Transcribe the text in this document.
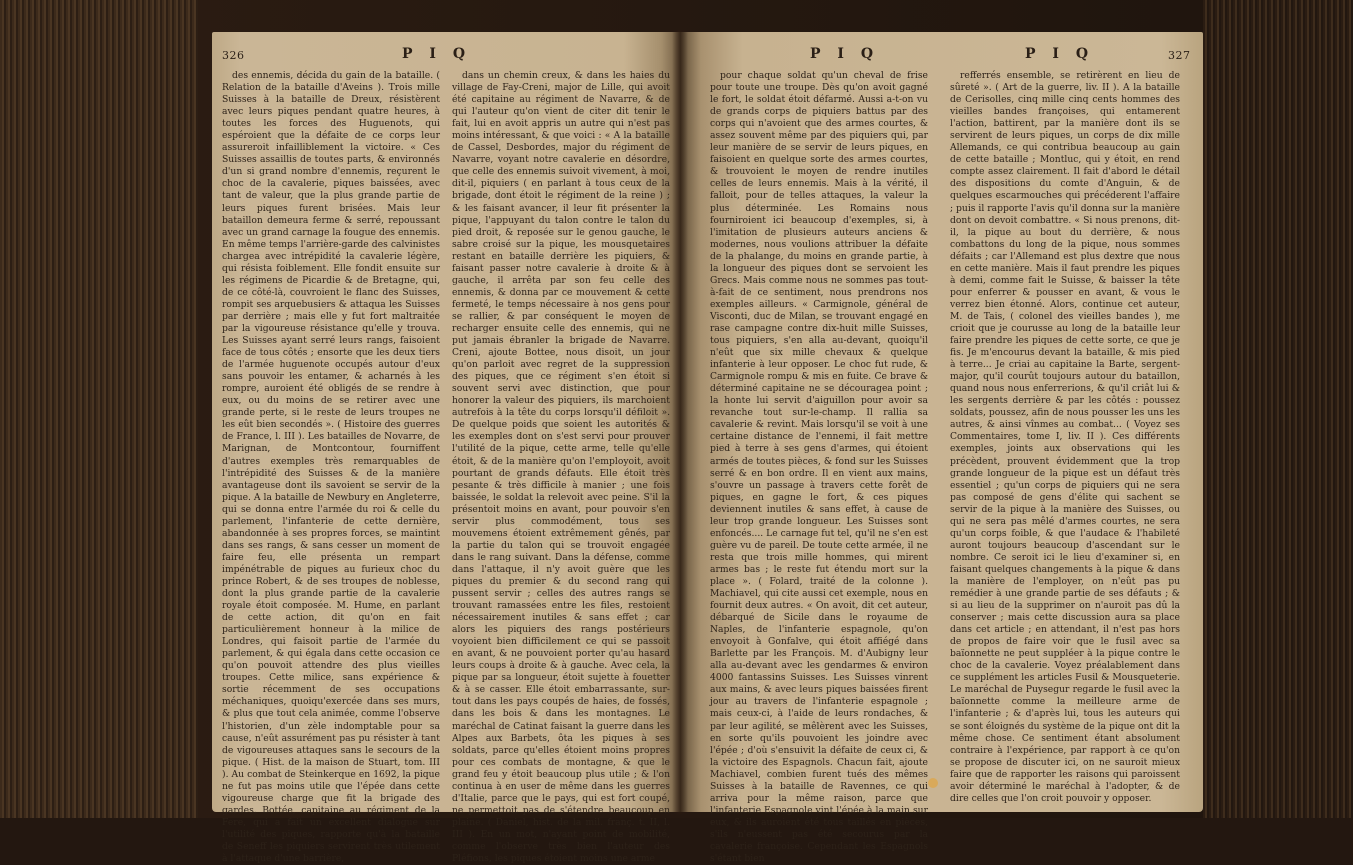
326	P I Q

des ennemis, décida du gain de la bataille. ( Relation de la bataille d'Aveins ). Trois mille Suisses à la bataille de Dreux, résistèrent avec leurs piques pendant quatre heures, à toutes les forces des Huguenots, qui espéroient que la défaite de ce corps leur assureroit infailliblement la victoire. « Ces Suisses assaillis de toutes parts, & environnés d'un si grand nombre d'ennemis, reçurent le choc de la cavalerie, piques baissées, avec tant de valeur, que la plus grande partie de leurs piques furent brisées. Mais leur bataillon demeura ferme & serré, repoussant avec un grand carnage la fougue des ennemis. En même temps l'arrière-garde des calvinistes chargea avec intrépidité la cavalerie légère, qui résista foiblement. Elle fondit ensuite sur les régimens de Picardie & de Bretagne, qui, de ce côté-là, couvroient le flanc des Suisses, rompit ses arquebusiers & attaqua les Suisses par derrière ; mais elle y fut fort maltraitée par la vigoureuse résistance qu'elle y trouva. Les Suisses ayant serré leurs rangs, faisoient face de tous côtés ; ensorte que les deux tiers de l'armée huguenote occupés autour d'eux sans pouvoir les entamer, & acharnés à les rompre, auroient été obligés de se rendre à eux, ou du moins de se retirer avec une grande perte, si le reste de leurs troupes ne les eût bien secondés ». ( Histoire des guerres de France, l. III ). Les batailles de Novarre, de Marignan, de Montcontour, fourniffent d'autres exemples très remarquables de l'intrépidité des Suisses & de la manière avantageuse dont ils savoient se servir de la pique. A la bataille de Newbury en Angleterre, qui se donna entre l'armée du roi & celle du parlement, l'infanterie de cette dernière, abandonnée à ses propres forces, se maintint dans ses rangs, & sans cesser un moment de faire feu, elle présenta un rempart impénétrable de piques au furieux choc du prince Robert, & de ses troupes de noblesse, dont la plus grande partie de la cavalerie royale étoit composée. M. Hume, en parlant de cette action, dit qu'on en fait particulièrement honneur à la milice de Londres, qui faisoit partie de l'armée du parlement, & qui égala dans cette occasion ce qu'on pouvoit attendre des plus vieilles troupes. Cette milice, sans expérience & sortie récemment de ses occupations méchaniques, quoiqu'exercée dans ses murs, & plus que tout cela animée, comme l'observe l'historien, d'un zèle indomptable pour sa cause, n'eût assurément pas pu résister à tant de vigoureuses attaques sans le secours de la pique. ( Hist. de la maison de Stuart, tom. III ). Au combat de Steinkerque en 1692, la pique ne fut pas moins utile que l'épée dans cette vigoureuse charge que fit la brigade des gardes. Bottée, capitaine au régiment de la Fere, qui a fait un excellent dialogue sur l'utilité des piques, rapporte qu'à la bataille de Seneff les piquiers servirent très utilement à l'attaque d'une barrière,

dans un chemin creux, & dans les haies du village de Fay-Creni, major de Lille, qui avoit été capitaine au régiment de Navarre, & de qui l'auteur qu'on vient de citer dit tenir le fait, lui en avoit appris un autre qui n'est pas moins intéressant, & que voici : « A la bataille de Cassel, Desbordes, major du régiment de Navarre, voyant notre cavalerie en désordre, que celle des ennemis suivoit vivement, à moi, dit-il, piquiers ( en parlant à tous ceux de la brigade, dont étoit le régiment de la reine ) ; & les faisant avancer, il leur fit présenter la pique, l'appuyant du talon contre le talon du pied droit, & reposée sur le genou gauche, le sabre croisé sur la pique, les mousquetaires restant en bataille derrière les piquiers, & faisant passer notre cavalerie à droite & à gauche, il arrêta par son feu celle des ennemis, & donna par ce mouvement & cette fermeté, le temps nécessaire à nos gens pour se rallier, & par conséquent le moyen de recharger ensuite celle des ennemis, qui ne put jamais ébranler la brigade de Navarre. Creni, ajoute Bottee, nous disoit, un jour qu'on parloit avec regret de la suppression des piques, que ce régiment s'en étoit si souvent servi avec distinction, que pour honorer la valeur des piquiers, ils marchoient autrefois à la tête du corps lorsqu'il défiloit ». De quelque poids que soient les autorités & les exemples dont on s'est servi pour prouver l'utilité de la pique, cette arme, telle qu'elle étoit, & de la manière qu'on l'employoit, avoit pourtant de grands défauts. Elle étoit très pesante & très difficile à manier ; une fois baissée, le soldat la relevoit avec peine. S'il la présentoit moins en avant, pour pouvoir s'en servir plus commodément, tous ses mouvemens étoient extrêmement gênés, par la partie du talon qui se trouvoit engagée dans le rang suivant. Dans la défense, comme dans l'attaque, il n'y avoit guère que les piques du premier & du second rang qui pussent servir ; celles des autres rangs se trouvant ramassées entre les files, restoient nécessairement inutiles & sans effet ; car alors les piquiers des rangs postérieurs voyoient bien difficilement ce qui se passoit en avant, & ne pouvoient porter qu'au hasard leurs coups à droite & à gauche. Avec cela, la pique par sa longueur, étoit sujette à fouetter & à se casser. Elle étoit embarrassante, sur-tout dans les pays coupés de haies, de fossés, dans les bois & dans les montagnes. Le maréchal de Catinat faisant la guerre dans les Alpes aux Barbets, ôta les piques à ses soldats, parce qu'elles étoient moins propres pour ces combats de montagne, & que le grand feu y étoit beaucoup plus utile ; & l'on continua à en user de même dans les guerres d'Italie, parce que le pays, qui est fort coupé, ne permettoit pas de s'étendre beaucoup en plaine. ( Daniel, hist. de la mil. franç. t. II, l. III ). En un mot, n'ayant point de mobilité, comme l'observe très bien l'auteur des Pléfions, les piques étoient moins une arme

P I Q	P I Q	327

pour chaque soldat qu'un cheval de frise pour toute une troupe. Dès qu'on avoit gagné le fort, le soldat étoit défarmé. Aussi a-t-on vu de grands corps de piquiers battus par des corps qui n'avoient que des armes courtes, & assez souvent même par des piquiers qui, par leur manière de se servir de leurs piques, en faisoient en quelque sorte des armes courtes, & trouvoient le moyen de rendre inutiles celles de leurs ennemis. Mais à la vérité, il falloit, pour de telles attaques, la valeur la plus déterminée. Les Romains nous fourniroient ici beaucoup d'exemples, si, à l'imitation de plusieurs auteurs anciens & modernes, nous voulions attribuer la défaite de la phalange, du moins en grande partie, à la longueur des piques dont se servoient les Grecs. Mais comme nous ne sommes pas tout-à-fait de ce sentiment, nous prendrons nos exemples ailleurs. « Carmignole, général de Visconti, duc de Milan, se trouvant engagé en rase campagne contre dix-huit mille Suisses, tous piquiers, s'en alla au-devant, quoiqu'il n'eût que six mille chevaux & quelque infanterie à leur opposer. Le choc fut rude, & Carmignole rompu & mis en fuite. Ce brave & déterminé capitaine ne se découragea point ; la honte lui servit d'aiguillon pour avoir sa revanche tout sur-le-champ. Il rallia sa cavalerie & revint. Mais lorsqu'il se voit à une certaine distance de l'ennemi, il fait mettre pied à terre à ses gens d'armes, qui étoient armés de toutes pièces, & fond sur les Suisses serré & en bon ordre. Il en vient aux mains, s'ouvre un passage à travers cette forêt de piques, en gagne le fort, & ces piques deviennent inutiles & sans effet, à cause de leur trop grande longueur. Les Suisses sont enfoncés.... Le carnage fut tel, qu'il ne s'en est guère vu de pareil. De toute cette armée, il ne resta que trois mille hommes, qui mirent armes bas ; le reste fut étendu mort sur la place ». ( Folard, traité de la colonne ). Machiavel, qui cite aussi cet exemple, nous en fournit deux autres. « On avoit, dit cet auteur, débarqué de Sicile dans le royaume de Naples, de l'infanterie espagnole, qu'on envoyoit à Gonfalve, qui étoit affiégé dans Barlette par les François. M. d'Aubigny leur alla au-devant avec les gendarmes & environ 4000 fantassins Suisses. Les Suisses vinrent aux mains, & avec leurs piques baissées firent jour au travers de l'infanterie espagnole ; mais ceux-ci, à l'aide de leurs rondaches, & par leur agilité, se mêlèrent avec les Suisses, en sorte qu'ils pouvoient les joindre avec l'épée ; d'où s'ensuivit la défaite de ceux ci, & la victoire des Espagnols. Chacun fait, ajoute Machiavel, combien furent tués des mêmes Suisses à la bataille de Ravennes, ce qui arriva pour la même raison, parce que l'infanterie Espagnole vint l'épée à la main sur eux, & ils auroient été tous taillés en pièces, s'ils n'eussent pas été secourus par la cavalerie françoise. Cependant les Espagnols s'étant bien

refferrés ensemble, se retirèrent en lieu de sûreté ». ( Art de la guerre, liv. II ). A la bataille de Cerisolles, cinq mille cinq cents hommes des vieilles bandes françoises, qui entamerent l'action, battirent, par la manière dont ils se servirent de leurs piques, un corps de dix mille Allemands, ce qui contribua beaucoup au gain de cette bataille ; Montluc, qui y étoit, en rend compte assez clairement. Il fait d'abord le détail des dispositions du comte d'Anguin, & de quelques escarmouches qui précéderent l'affaire ; puis il rapporte l'avis qu'il donna sur la manière dont on devoit combattre. « Si nous prenons, dit-il, la pique au bout du derrière, & nous combattons du long de la pique, nous sommes défaits ; car l'Allemand est plus dextre que nous en cette manière. Mais il faut prendre les piques à demi, comme fait le Suisse, & baisser la tête pour enferrer & pousser en avant, & vous le verrez bien étonné. Alors, continue cet auteur, M. de Tais, ( colonel des vieilles bandes ), me crioit que je courusse au long de la bataille leur faire prendre les piques de cette sorte, ce que je fis. Je m'encourus devant la bataille, & mis pied à terre... Je criai au capitaine la Barte, sergent-major, qu'il courût toujours autour du bataillon, quand nous nous enferrerions, & qu'il criât lui & les sergents derrière & par les côtés : poussez soldats, poussez, afin de nous pousser les uns les autres, & ainsi vînmes au combat... ( Voyez ses Commentaires, tome I, liv. II ). Ces différents exemples, joints aux observations qui les précèdent, prouvent évidemment que la trop grande longueur de la pique est un défaut très essentiel ; qu'un corps de piquiers qui ne sera pas composé de gens d'élite qui sachent se servir de la pique à la manière des Suisses, ou qui ne sera pas mêlé d'armes courtes, ne sera qu'un corps foible, & que l'audace & l'habileté auront toujours beaucoup d'ascendant sur le nombre. Ce seroit ici le lieu d'examiner si, en faisant quelques changements à la pique & dans la manière de l'employer, on n'eût pas pu remédier à une grande partie de ses défauts ; & si au lieu de la supprimer on n'auroit pas dû la conserver ; mais cette discussion aura sa place dans cet article ; en attendant, il n'est pas hors de propos de faire voir que le fusil avec sa baïonnette ne peut suppléer à la pique contre le choc de la cavalerie. Voyez préalablement dans ce supplément les articles Fusil & Mousqueterie. Le maréchal de Puysegur regarde le fusil avec la baïonnette comme la meilleure arme de l'infanterie ; & d'après lui, tous les auteurs qui se sont éloignés du système de la pique ont dit la même chose. Ce sentiment étant absolument contraire à l'expérience, par rapport à ce qu'on se propose de discuter ici, on ne sauroit mieux faire que de rapporter les raisons qui paroissent avoir déterminé le maréchal à l'adopter, & de dire celles que l'on croit pouvoir y opposer.
